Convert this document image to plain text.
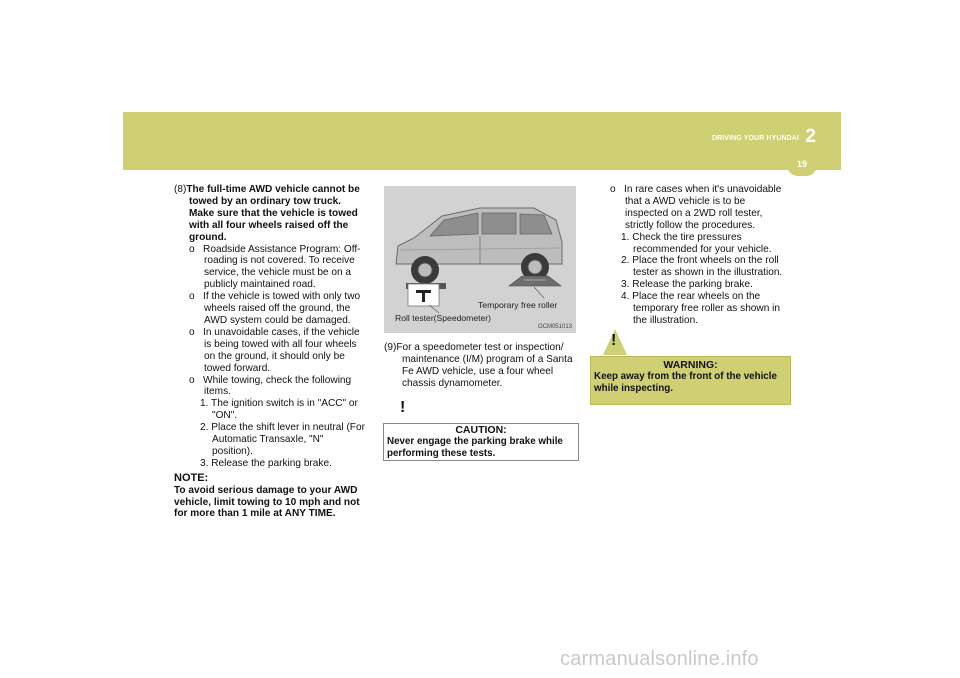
DRIVING YOUR HYUNDAI 2
19

(8)The full-time AWD vehicle cannot be towed by an ordinary tow truck. Make sure that the vehicle is towed with all four wheels raised off the ground.

o Roadside Assistance Program: Off-roading is not covered. To receive service, the vehicle must be on a publicly maintained road.

o If the vehicle is towed with only two wheels raised off the ground, the AWD system could be damaged.

o In unavoidable cases, if the vehicle is being towed with all four wheels on the ground, it should only be towed forward.

o While towing, check the following items.

1. The ignition switch is in "ACC" or "ON".

2. Place the shift lever in neutral (For Automatic Transaxle, "N" position).

3. Release the parking brake.

NOTE:

To avoid serious damage to your AWD vehicle, limit towing to 10 mph and not for more than 1 mile at ANY TIME.

Temporary free roller
Roll tester(Speedometer)
OCM051013

(9)For a speedometer test or inspection/ maintenance (I/M) program of a Santa Fe AWD vehicle, use a four wheel chassis dynamometer.

!
CAUTION:
Never engage the parking brake while performing these tests.

o In rare cases when it's unavoidable that a AWD vehicle is to be inspected on a 2WD roll tester, strictly follow the procedures.

1. Check the tire pressures recommended for your vehicle.

2. Place the front wheels on the roll tester as shown in the illustration.

3. Release the parking brake.

4. Place the rear wheels on the temporary free roller as shown in the illustration.

!
WARNING:
Keep away from the front of the vehicle while inspecting.
carmanualsonline.info
